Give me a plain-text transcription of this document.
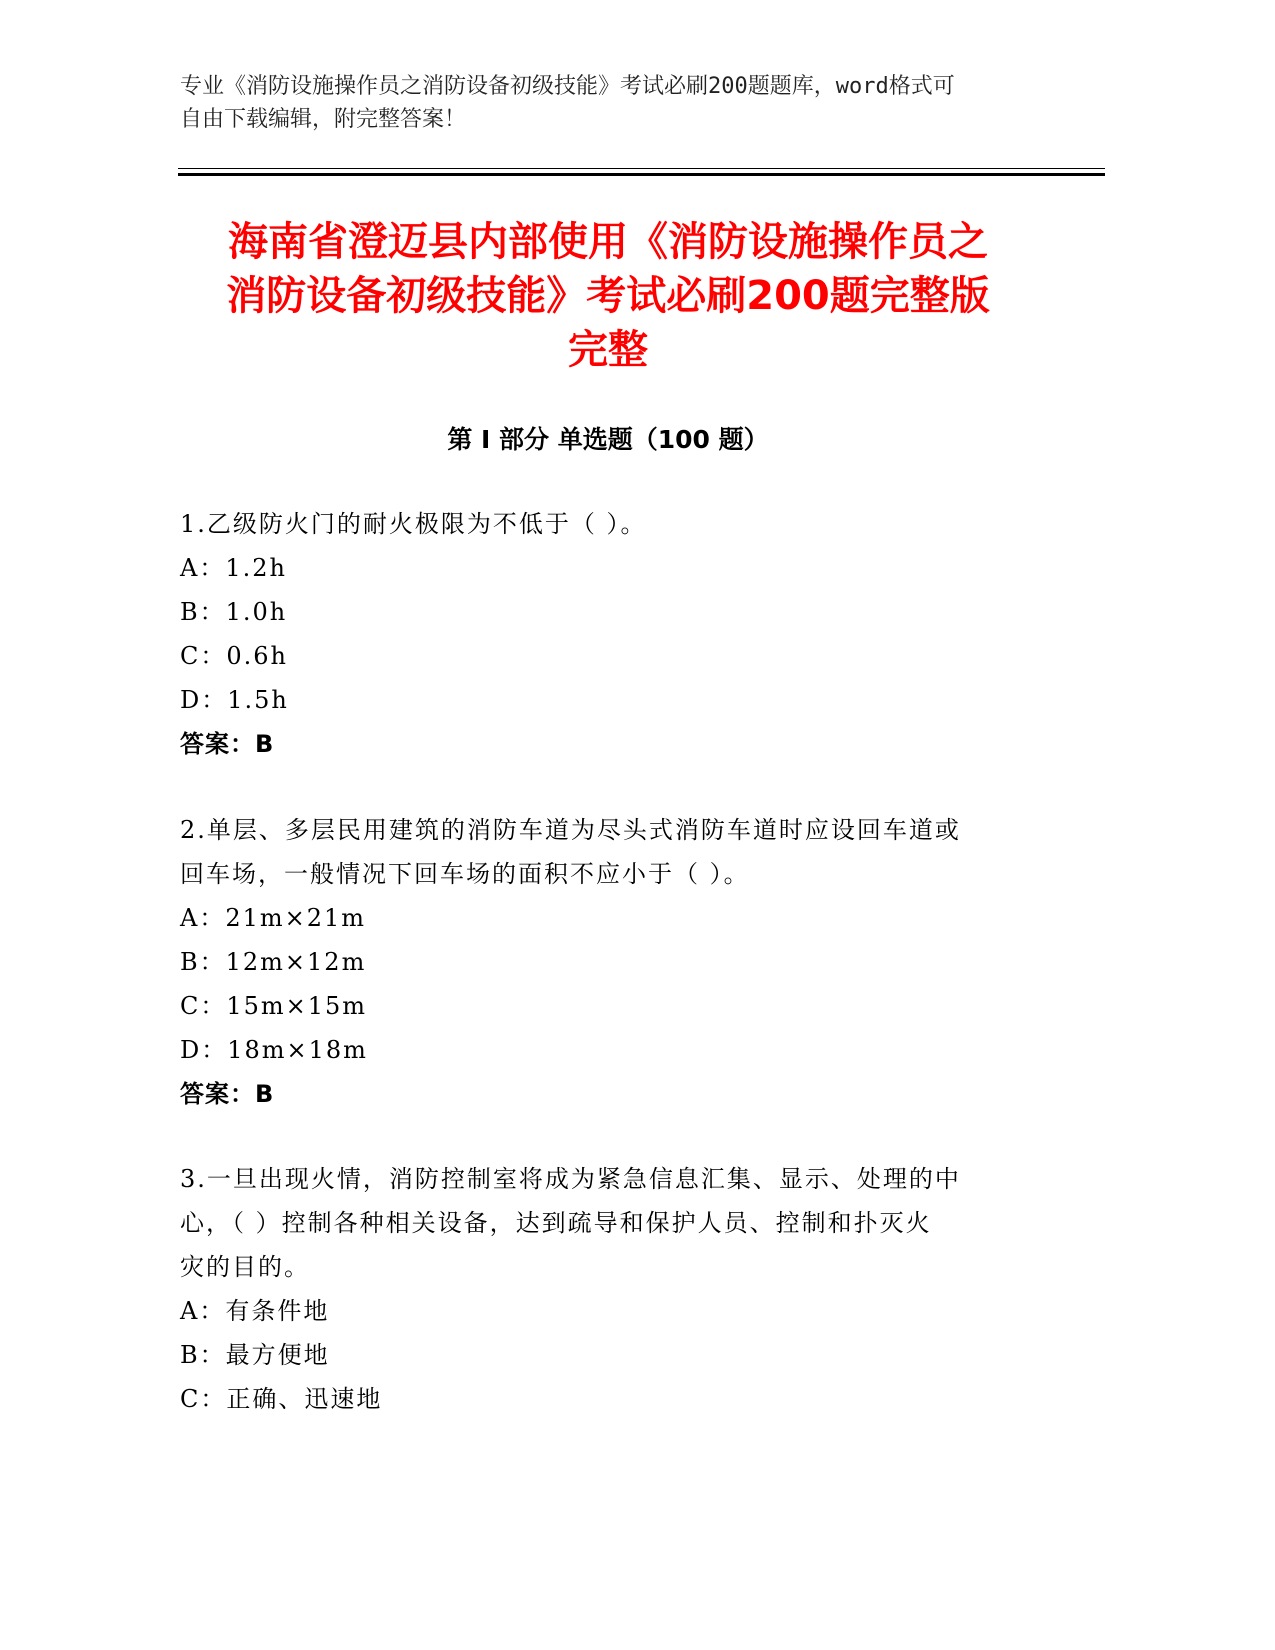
专业《消防设施操作员之消防设备初级技能》考试必刷200题题库，word格式可
自由下载编辑，附完整答案！
海南省澄迈县内部使用《消防设施操作员之
消防设备初级技能》考试必刷200题完整版
完整
第 I 部分 单选题（100 题）

1.乙级防火门的耐火极限为不低于（ ）。

A：1.2h

B：1.0h

C：0.6h

D：1.5h

答案：B

2.单层、多层民用建筑的消防车道为尽头式消防车道时应设回车道或

回车场，一般情况下回车场的面积不应小于（ ）。

A：21m×21m

B：12m×12m

C：15m×15m

D：18m×18m

答案：B

3.一旦出现火情，消防控制室将成为紧急信息汇集、显示、处理的中

心，（ ）控制各种相关设备，达到疏导和保护人员、控制和扑灭火

灾的目的。

A：有条件地

B：最方便地

C：正确、迅速地
